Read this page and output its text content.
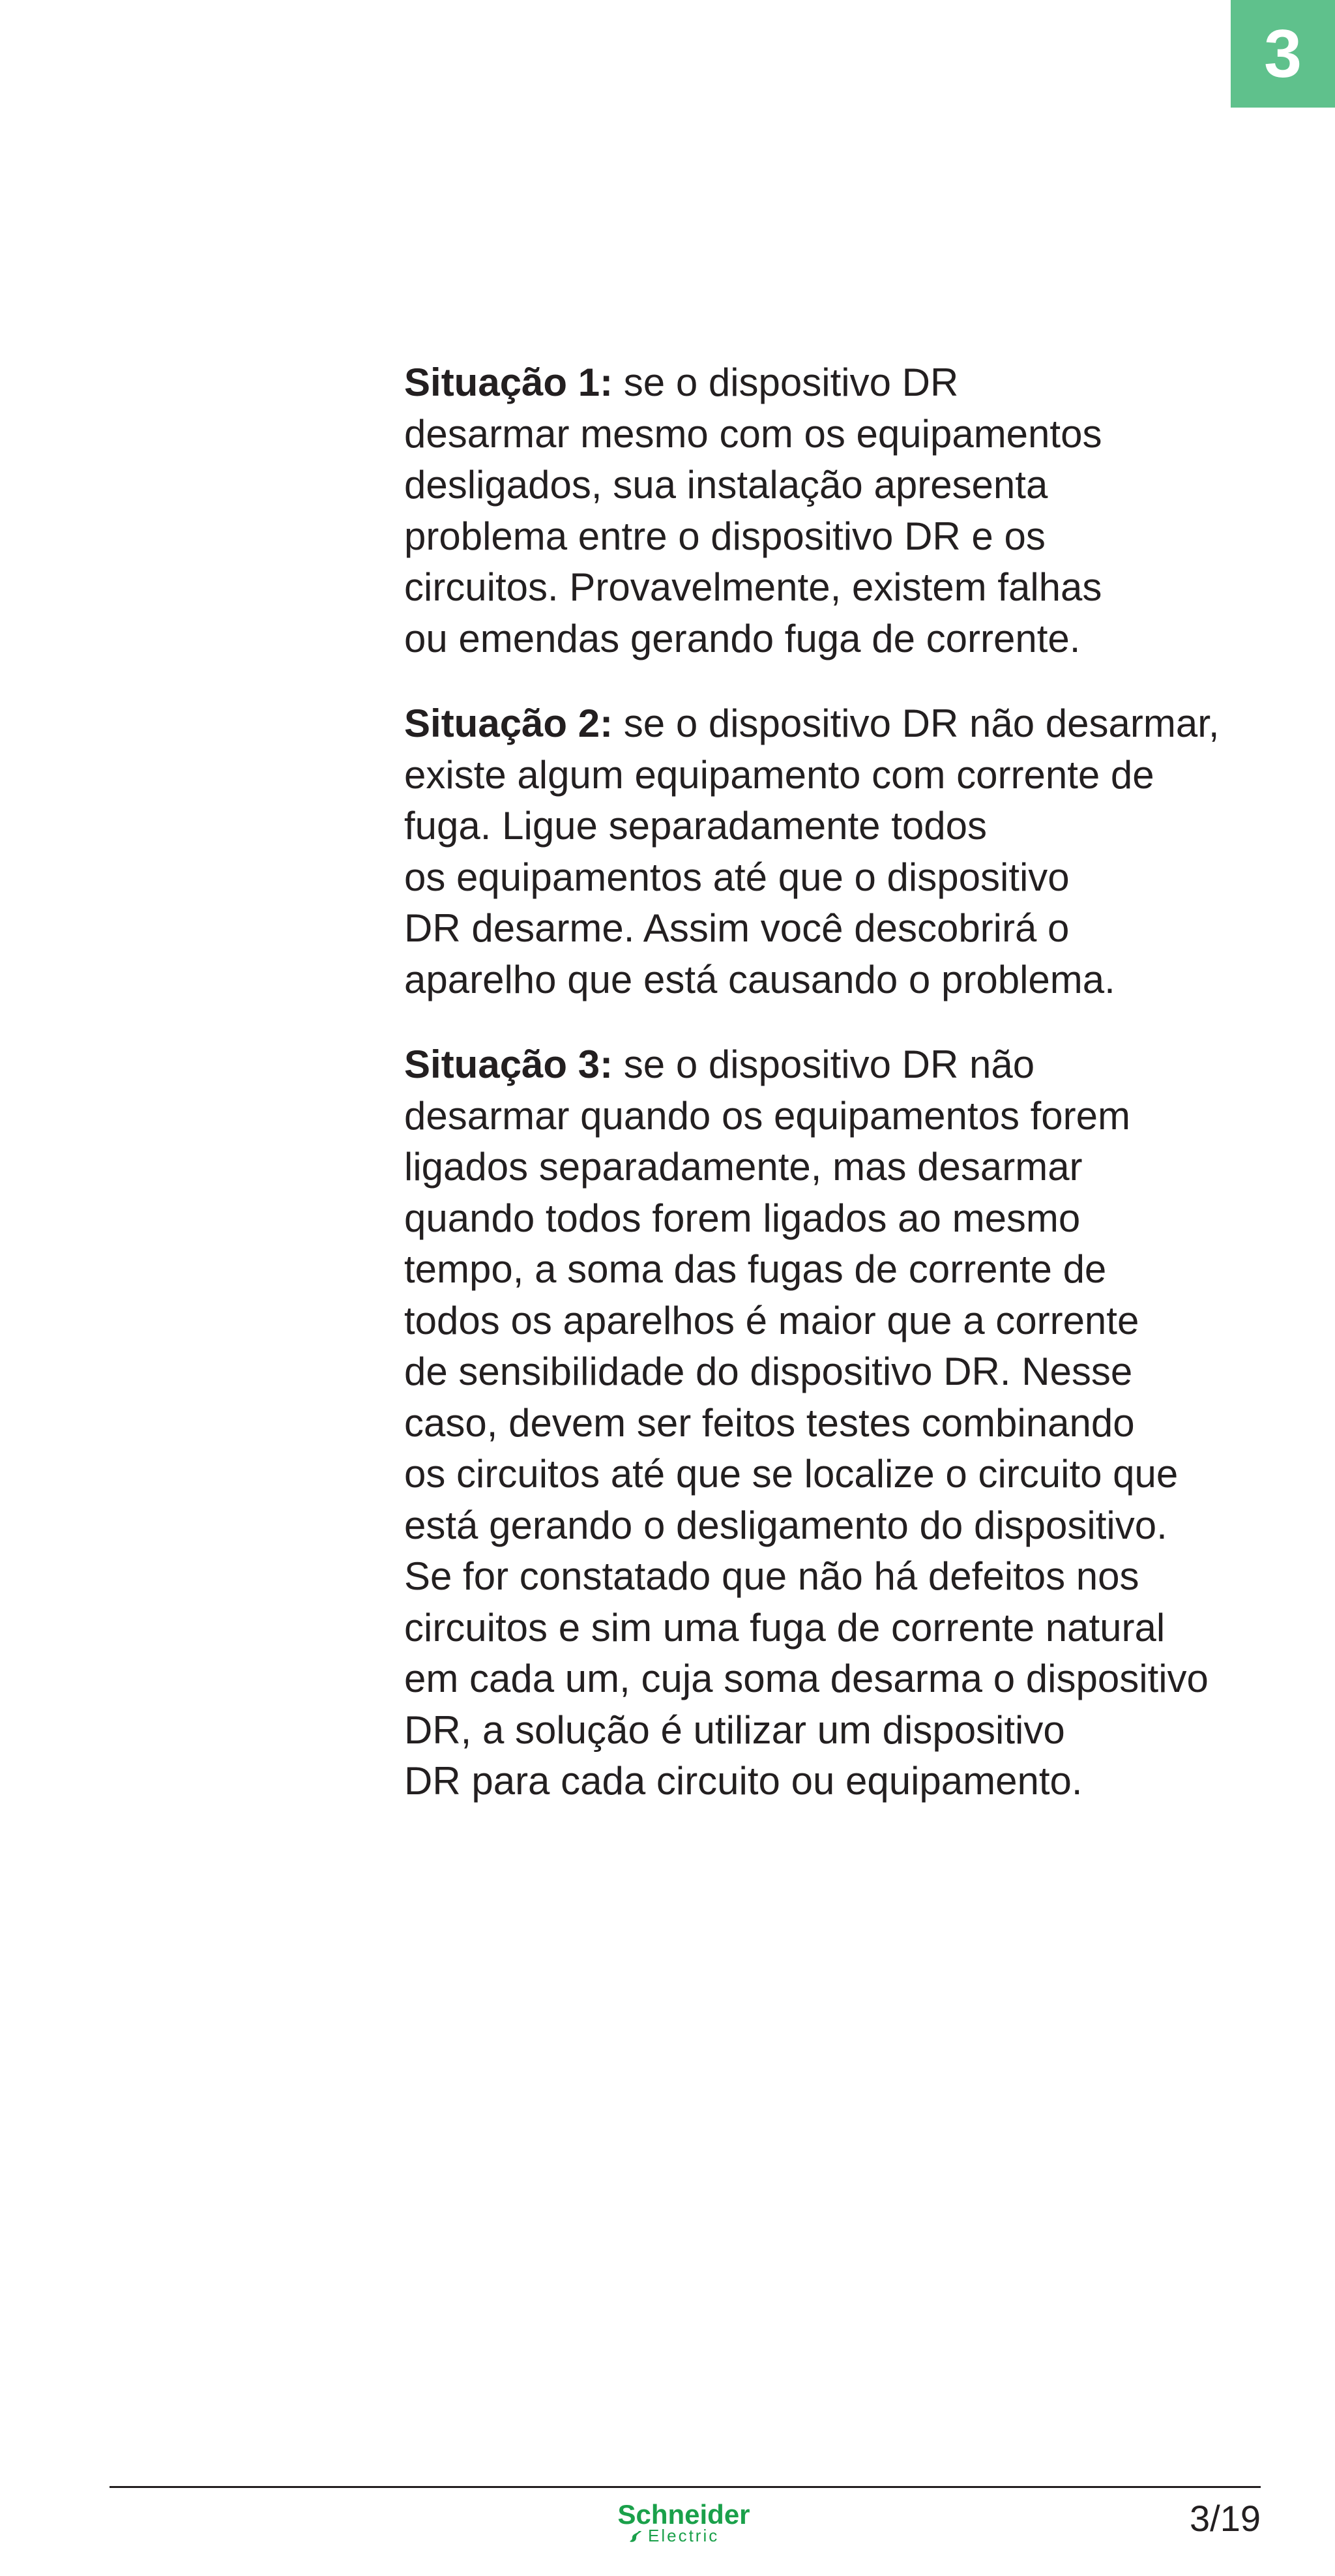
3

Situação 1: se o dispositivo DR
desarmar mesmo com os equipamentos
desligados, sua instalação apresenta
problema entre o dispositivo DR e os
circuitos. Provavelmente, existem falhas
ou emendas gerando fuga de corrente.

Situação 2: se o dispositivo DR não desarmar,
existe algum equipamento com corrente de
fuga. Ligue separadamente todos
os equipamentos até que o dispositivo
DR desarme. Assim você descobrirá o
aparelho que está causando o problema.

Situação 3: se o dispositivo DR não
desarmar quando os equipamentos forem
ligados separadamente, mas desarmar
quando todos forem ligados ao mesmo
tempo, a soma das fugas de corrente de
todos os aparelhos é maior que a corrente
de sensibilidade do dispositivo DR. Nesse
caso, devem ser feitos testes combinando
os circuitos até que se localize o circuito que
está gerando o desligamento do dispositivo.
Se for constatado que não há defeitos nos
circuitos e sim uma fuga de corrente natural
em cada um, cuja soma desarma o dispositivo
DR, a solução é utilizar um dispositivo
DR para cada circuito ou equipamento.

Schneider
Electric	3/19
